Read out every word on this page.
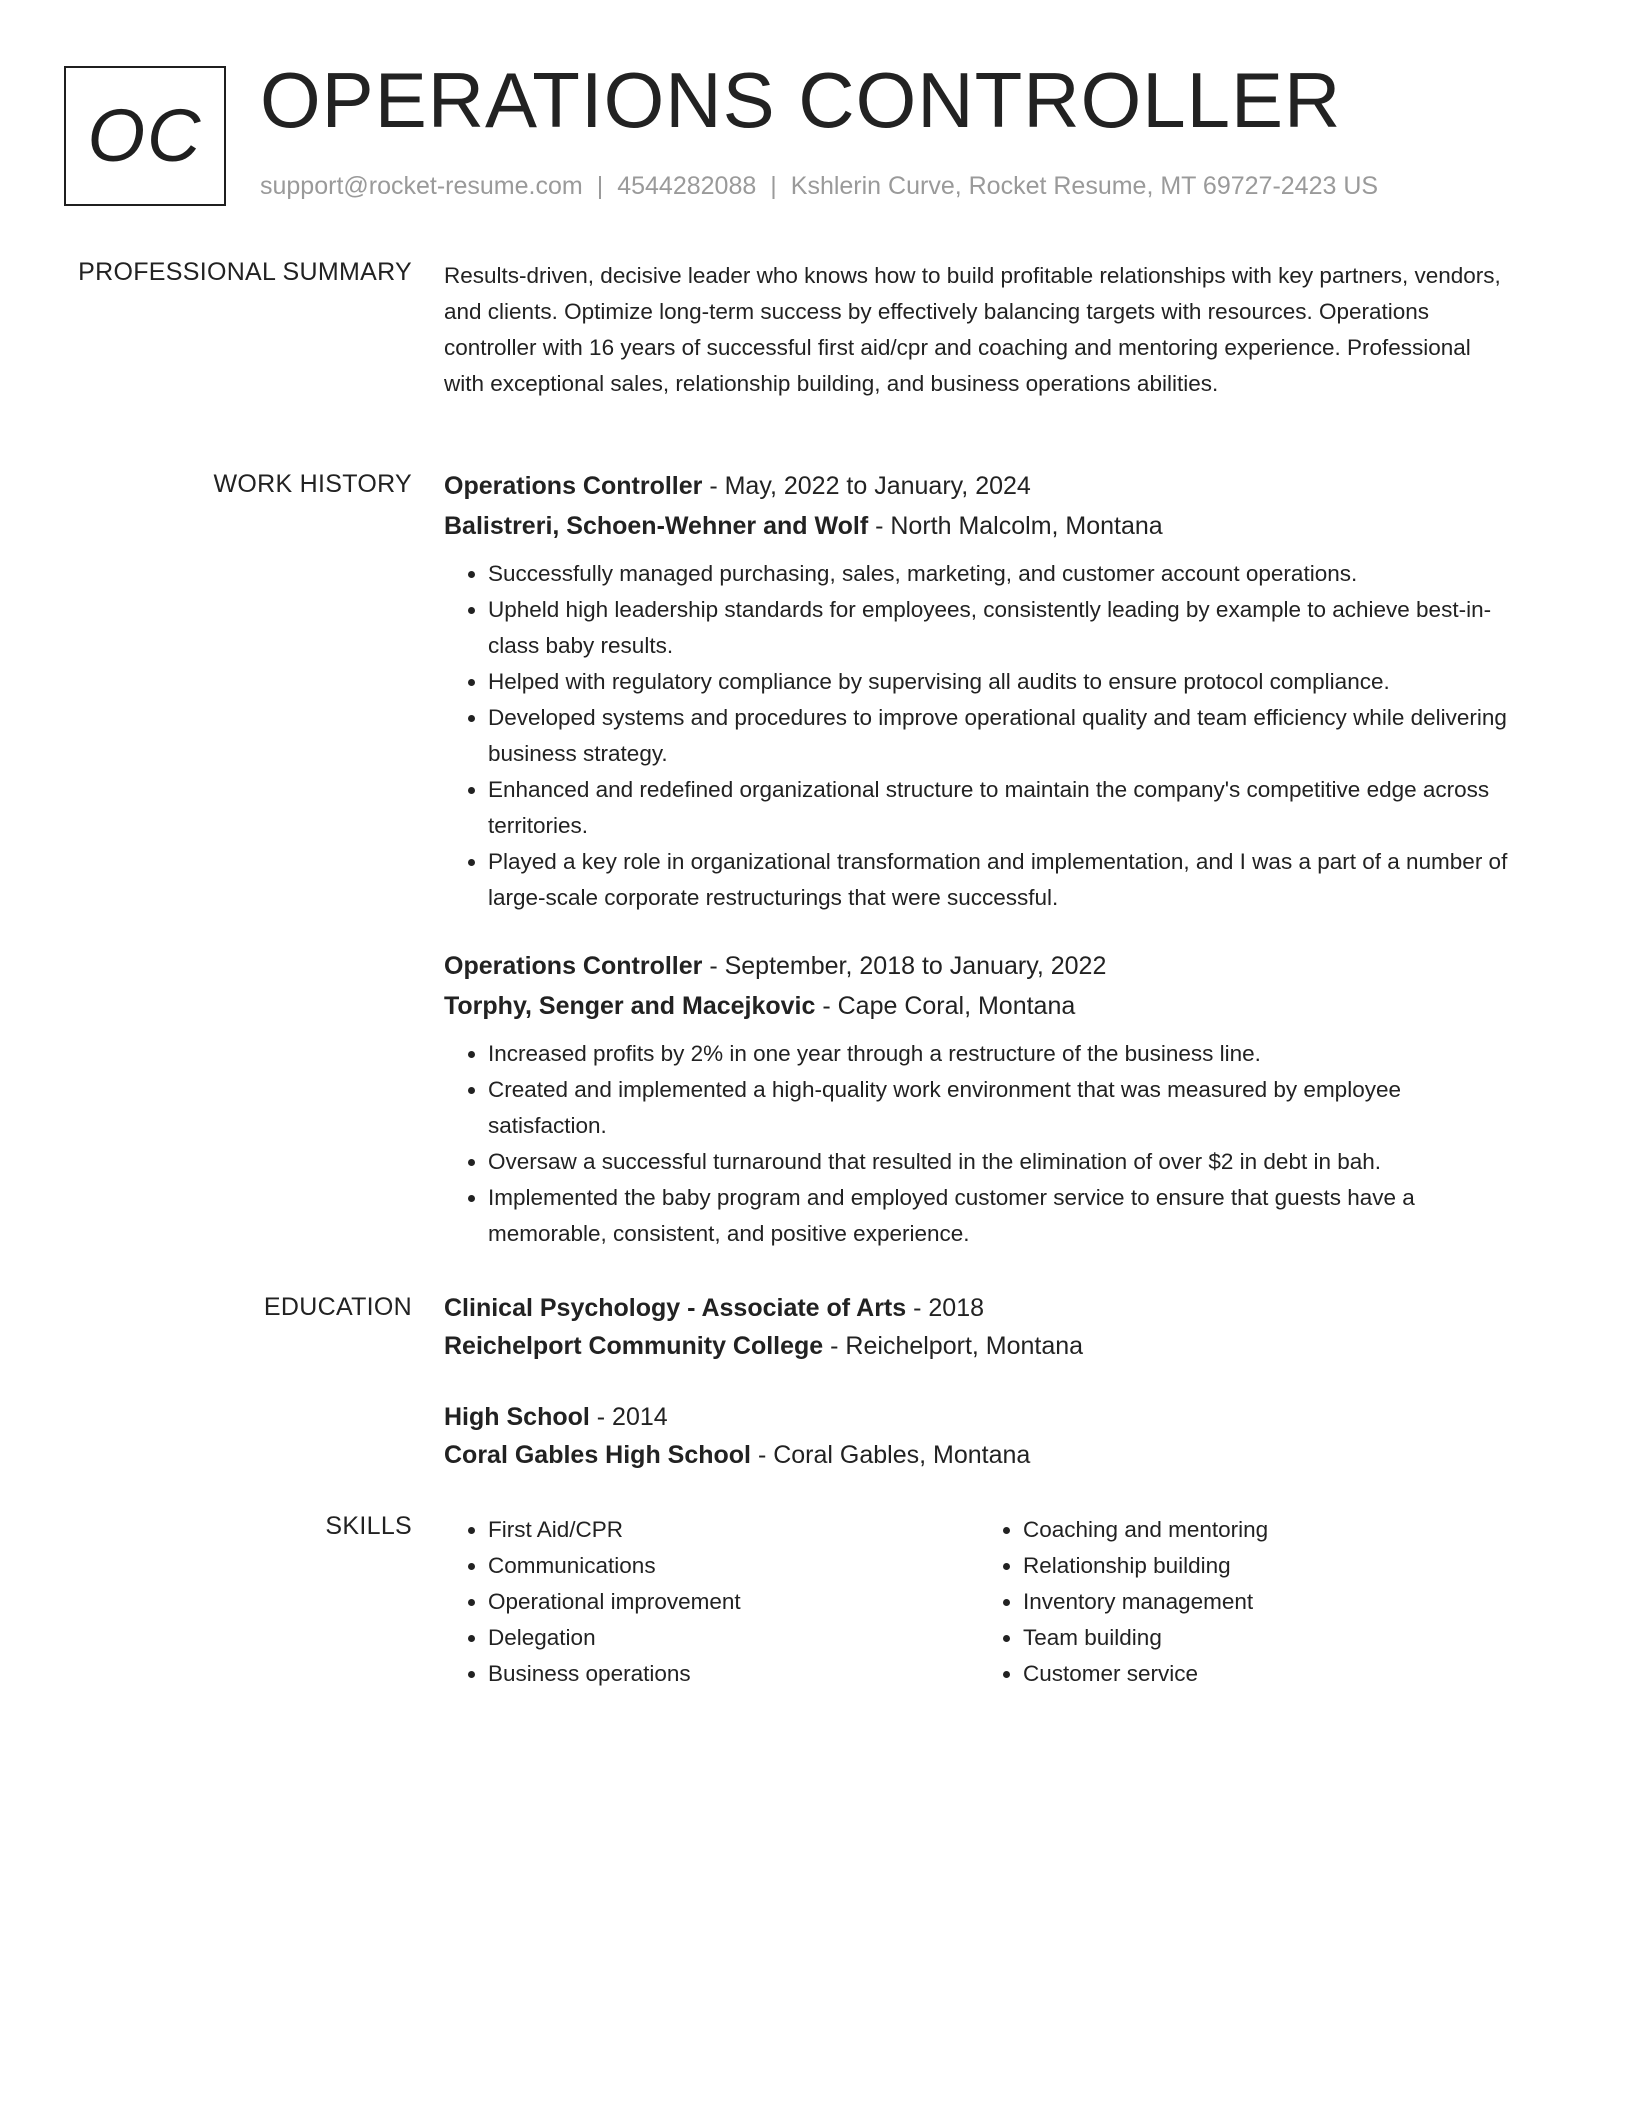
OC OPERATIONS CONTROLLER
support@rocket-resume.com | 4544282088 | Kshlerin Curve, Rocket Resume, MT 69727-2423 US
PROFESSIONAL SUMMARY Results-driven, decisive leader who knows how to build profitable relationships with key partners, vendors, and clients. Optimize long-term success by effectively balancing targets with resources. Operations controller with 16 years of successful first aid/cpr and coaching and mentoring experience. Professional with exceptional sales, relationship building, and business operations abilities.

WORK HISTORY Operations Controller - May, 2022 to January, 2024
Balistreri, Schoen-Wehner and Wolf - North Malcolm, Montana
• Successfully managed purchasing, sales, marketing, and customer account operations.
• Upheld high leadership standards for employees, consistently leading by example to achieve best-in-class baby results.
• Helped with regulatory compliance by supervising all audits to ensure protocol compliance.
• Developed systems and procedures to improve operational quality and team efficiency while delivering business strategy.
• Enhanced and redefined organizational structure to maintain the company's competitive edge across territories.
• Played a key role in organizational transformation and implementation, and I was a part of a number of large-scale corporate restructurings that were successful.
Operations Controller - September, 2018 to January, 2022
Torphy, Senger and Macejkovic - Cape Coral, Montana
• Increased profits by 2% in one year through a restructure of the business line.
• Created and implemented a high-quality work environment that was measured by employee satisfaction.
• Oversaw a successful turnaround that resulted in the elimination of over $2 in debt in bah.
• Implemented the baby program and employed customer service to ensure that guests have a memorable, consistent, and positive experience.
EDUCATION Clinical Psychology - Associate of Arts - 2018
Reichelport Community College - Reichelport, Montana
High School - 2014
Coral Gables High School - Coral Gables, Montana
SKILLS
•	First Aid/CPR
• Communications
• Operational improvement
• Delegation
• Business operations
• Coaching and mentoring
• Relationship building
• Inventory management
• Team building
• Customer service
